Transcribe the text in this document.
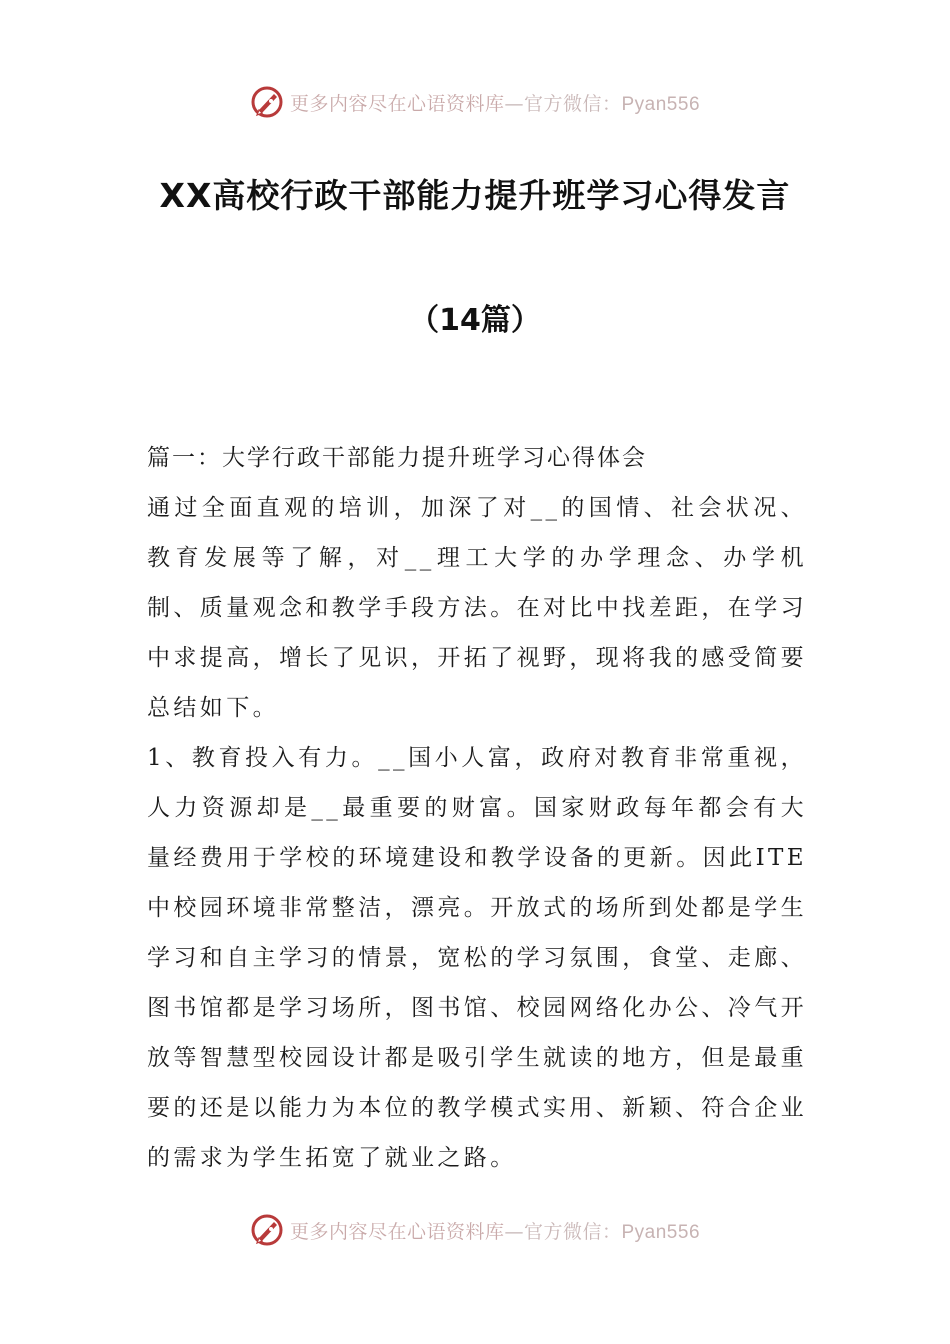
更多内容尽在心语资料库—官方微信：Pyan556
XX高校行政干部能力提升班学习心得发言
（14篇）

篇一：大学行政干部能力提升班学习心得体会

通过全面直观的培训，加深了对__的国情、社会状况、教育发展等了解，对__理工大学的办学理念、办学机制、质量观念和教学手段方法。在对比中找差距，在学习中求提高，增长了见识，开拓了视野，现将我的感受简要总结如下。

1、教育投入有力。__国小人富，政府对教育非常重视，人力资源却是__最重要的财富。国家财政每年都会有大量经费用于学校的环境建设和教学设备的更新。因此ITE中校园环境非常整洁，漂亮。开放式的场所到处都是学生学习和自主学习的情景，宽松的学习氛围，食堂、走廊、图书馆都是学习场所，图书馆、校园网络化办公、冷气开放等智慧型校园设计都是吸引学生就读的地方，但是最重要的还是以能力为本位的教学模式实用、新颖、符合企业的需求为学生拓宽了就业之路。

更多内容尽在心语资料库—官方微信：Pyan556
